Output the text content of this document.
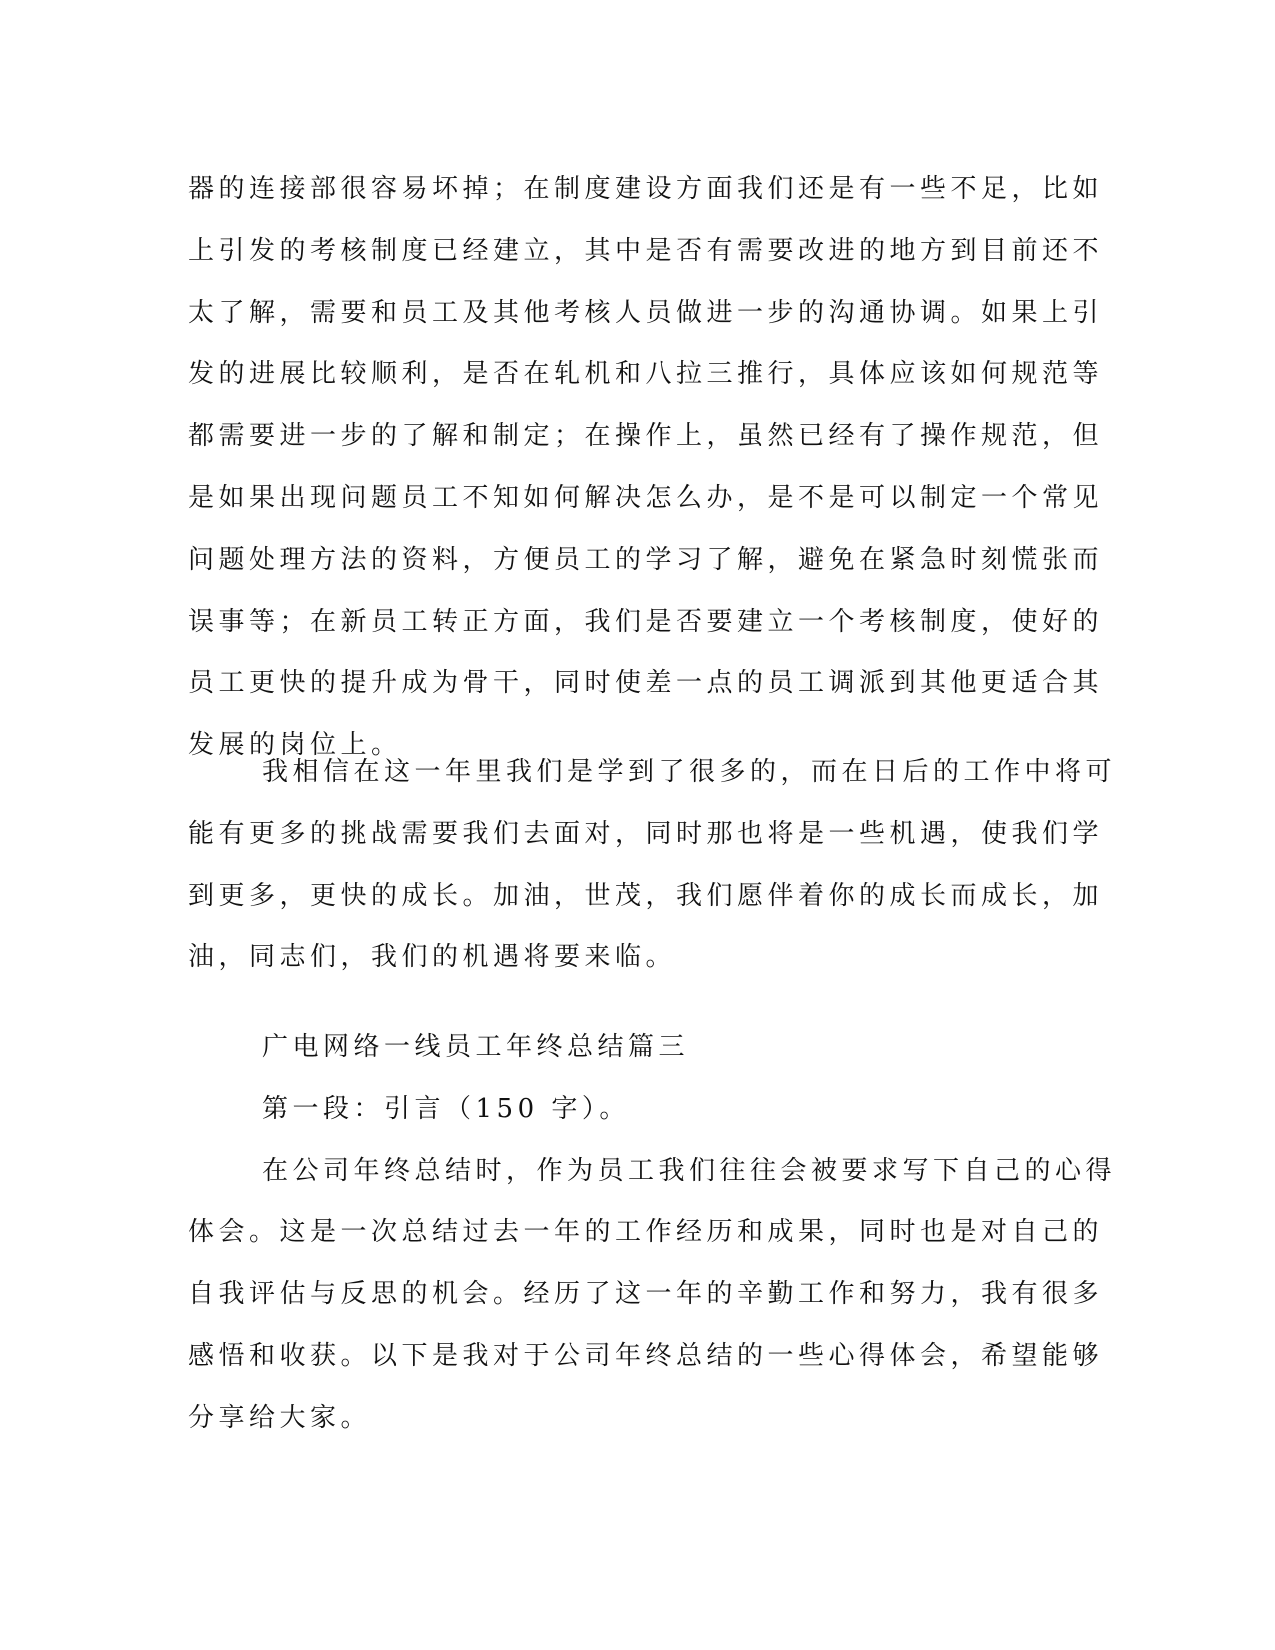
器的连接部很容易坏掉；在制度建设方面我们还是有一些不足，比如
上引发的考核制度已经建立，其中是否有需要改进的地方到目前还不
太了解，需要和员工及其他考核人员做进一步的沟通协调。如果上引
发的进展比较顺利，是否在轧机和八拉三推行，具体应该如何规范等
都需要进一步的了解和制定；在操作上，虽然已经有了操作规范，但
是如果出现问题员工不知如何解决怎么办，是不是可以制定一个常见
问题处理方法的资料，方便员工的学习了解，避免在紧急时刻慌张而
误事等；在新员工转正方面，我们是否要建立一个考核制度，使好的
员工更快的提升成为骨干，同时使差一点的员工调派到其他更适合其
发展的岗位上。
我相信在这一年里我们是学到了很多的，而在日后的工作中将可
能有更多的挑战需要我们去面对，同时那也将是一些机遇，使我们学
到更多，更快的成长。加油，世茂，我们愿伴着你的成长而成长，加
油，同志们，我们的机遇将要来临。
广电网络一线员工年终总结篇三
第一段：引言（150 字）。
在公司年终总结时，作为员工我们往往会被要求写下自己的心得
体会。这是一次总结过去一年的工作经历和成果，同时也是对自己的
自我评估与反思的机会。经历了这一年的辛勤工作和努力，我有很多
感悟和收获。以下是我对于公司年终总结的一些心得体会，希望能够
分享给大家。
